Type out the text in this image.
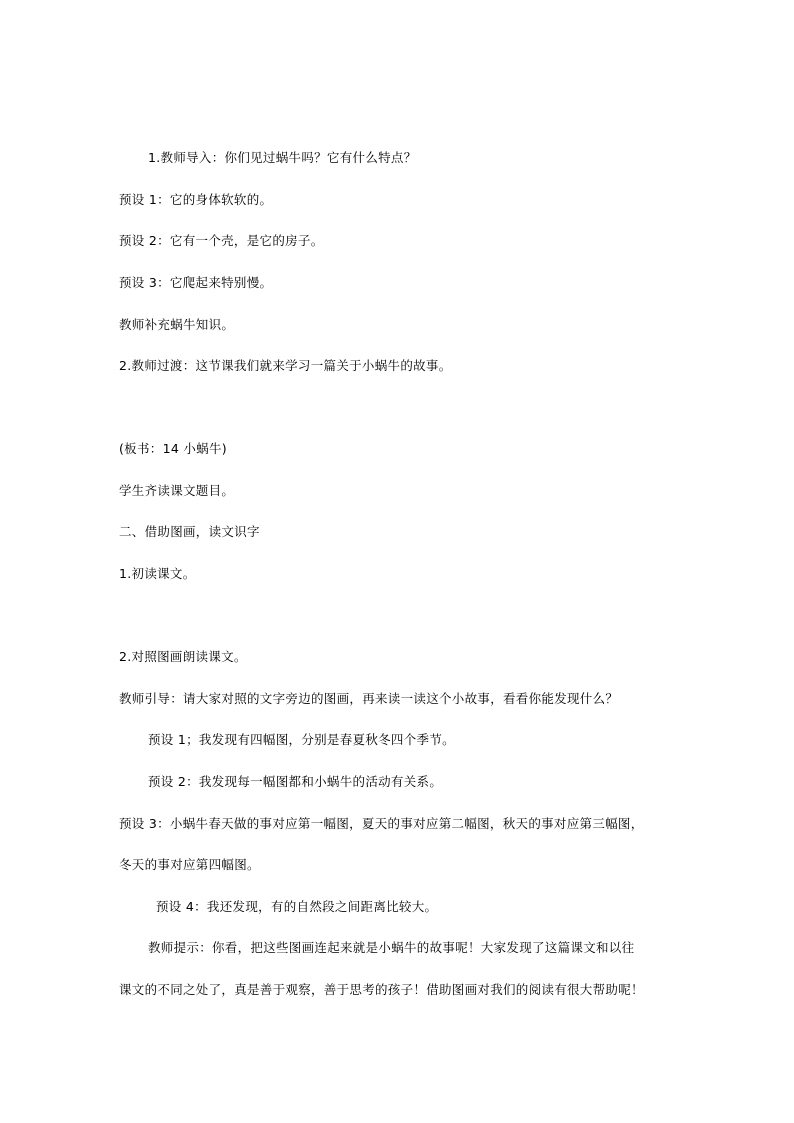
1.教师导入：你们见过蜗牛吗？它有什么特点？
预设 1：它的身体软软的。
预设 2：它有一个壳，是它的房子。
预设 3：它爬起来特别慢。
教师补充蜗牛知识。
2.教师过渡：这节课我们就来学习一篇关于小蜗牛的故事。
(板书：14 小蜗牛)
学生齐读课文题目。
二、借助图画，读文识字
1.初读课文。
2.对照图画朗读课文。
教师引导：请大家对照的文字旁边的图画，再来读一读这个小故事，看看你能发现什么？
预设 1；我发现有四幅图，分别是春夏秋冬四个季节。
预设 2：我发现每一幅图都和小蜗牛的活动有关系。
预设 3：小蜗牛春天做的事对应第一幅图，夏天的事对应第二幅图，秋天的事对应第三幅图，
冬天的事对应第四幅图。
预设 4：我还发现，有的自然段之间距离比较大。
教师提示：你看，把这些图画连起来就是小蜗牛的故事呢！大家发现了这篇课文和以往
课文的不同之处了，真是善于观察，善于思考的孩子！借助图画对我们的阅读有很大帮助呢！
